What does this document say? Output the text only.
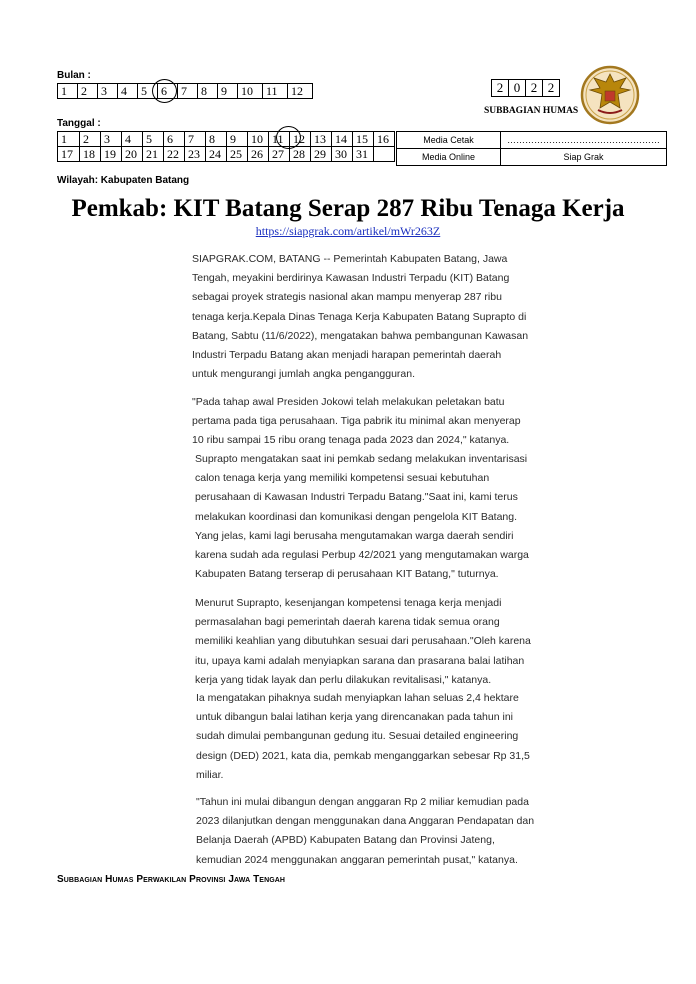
Bulan :
1	2	3	4	5	6	7	8	9	10	11	12
Tanggal :
1	2	3	4	5	6	7	8	9	10	11	12	13	14	15	16
17	18	19	20	21	22	23	24	25	26	27	28	29	30	31	
2	0	2	2
SUBBAGIAN HUMAS
Media Cetak	……………………………………………
Media Online	Siap Grak
Wilayah: Kabupaten Batang
Pemkab: KIT Batang Serap 287 Ribu Tenaga Kerja
https://siapgrak.com/artikel/mWr263Z
SIAPGRAK.COM, BATANG -- Pemerintah Kabupaten Batang, Jawa
Tengah, meyakini berdirinya Kawasan Industri Terpadu (KIT) Batang
sebagai proyek strategis nasional akan mampu menyerap 287 ribu
tenaga kerja.Kepala Dinas Tenaga Kerja Kabupaten Batang Suprapto di
Batang, Sabtu (11/6/2022), mengatakan bahwa pembangunan Kawasan
Industri Terpadu Batang akan menjadi harapan pemerintah daerah
untuk mengurangi jumlah angka pengangguran.
"Pada tahap awal Presiden Jokowi telah melakukan peletakan batu
pertama pada tiga perusahaan. Tiga pabrik itu minimal akan menyerap
10 ribu sampai 15 ribu orang tenaga pada 2023 dan 2024," katanya.
Suprapto mengatakan saat ini pemkab sedang melakukan inventarisasi
calon tenaga kerja yang memiliki kompetensi sesuai kebutuhan
perusahaan di Kawasan Industri Terpadu Batang."Saat ini, kami terus
melakukan koordinasi dan komunikasi dengan pengelola KIT Batang.
Yang jelas, kami lagi berusaha mengutamakan warga daerah sendiri
karena sudah ada regulasi Perbup 42/2021 yang mengutamakan warga
Kabupaten Batang terserap di perusahaan KIT Batang," tuturnya.
Menurut Suprapto, kesenjangan kompetensi tenaga kerja menjadi
permasalahan bagi pemerintah daerah karena tidak semua orang
memiliki keahlian yang dibutuhkan sesuai dari perusahaan."Oleh karena
itu, upaya kami adalah menyiapkan sarana dan prasarana balai latihan
kerja yang tidak layak dan perlu dilakukan revitalisasi," katanya.
Ia mengatakan pihaknya sudah menyiapkan lahan seluas 2,4 hektare
untuk dibangun balai latihan kerja yang direncanakan pada tahun ini
sudah dimulai pembangunan gedung itu. Sesuai detailed engineering
design (DED) 2021, kata dia, pemkab menganggarkan sebesar Rp 31,5
miliar.
"Tahun ini mulai dibangun dengan anggaran Rp 2 miliar kemudian pada
2023 dilanjutkan dengan menggunakan dana Anggaran Pendapatan dan
Belanja Daerah (APBD) Kabupaten Batang dan Provinsi Jateng,
kemudian 2024 menggunakan anggaran pemerintah pusat," katanya.
Subbagian Humas Perwakilan Provinsi Jawa Tengah
